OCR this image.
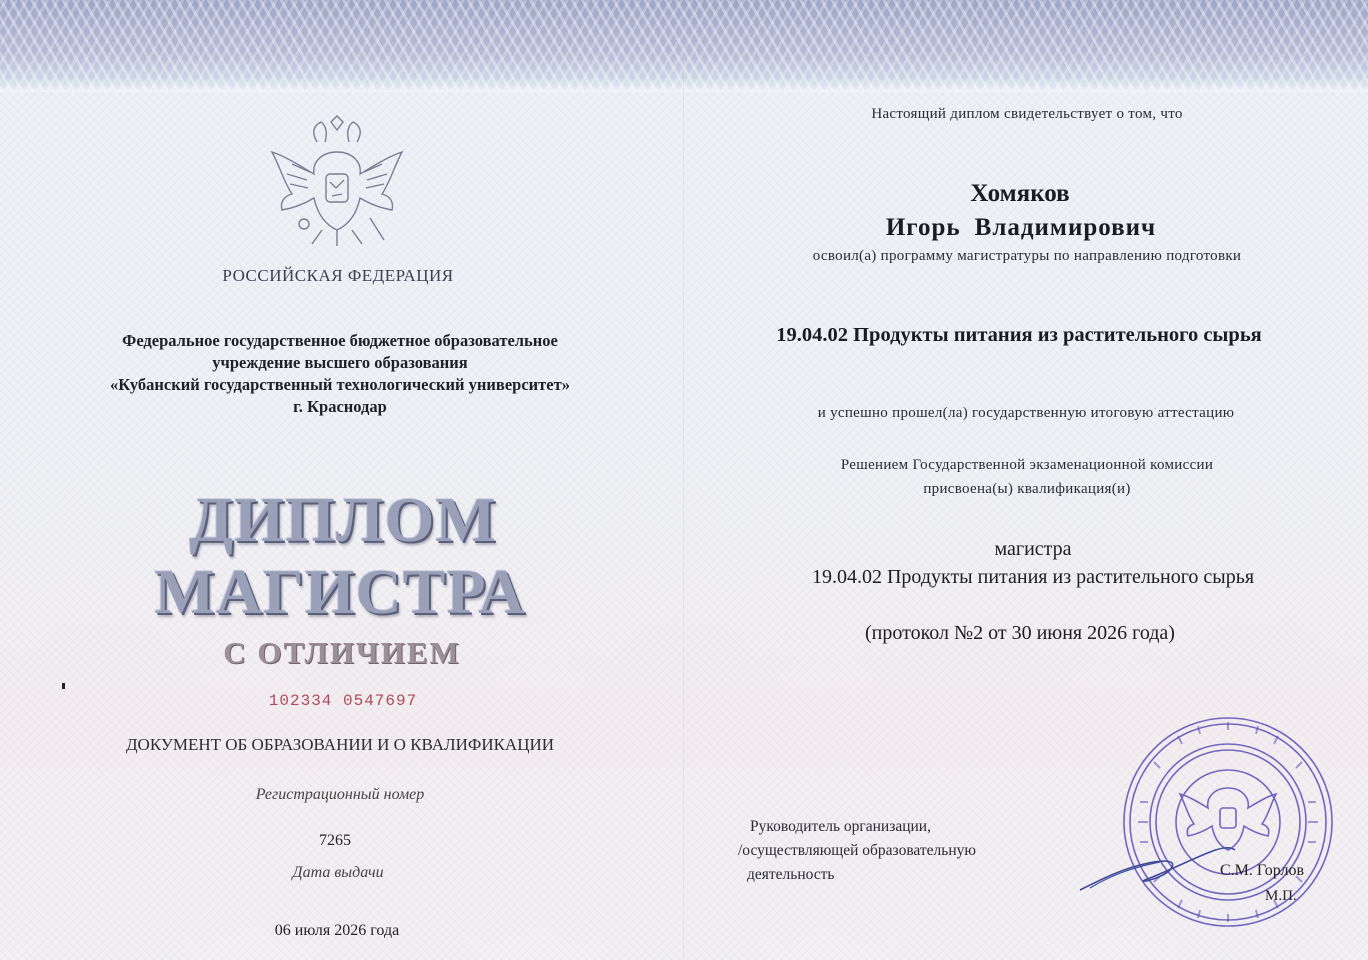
РОССИЙСКАЯ ФЕДЕРАЦИЯ
Федеральное государственное бюджетное образовательное
учреждение высшего образования
«Кубанский государственный технологический университет»
г. Краснодар
ДИПЛОМ
МАГИСТРА
С ОТЛИЧИЕМ
102334 0547697
ДОКУМЕНТ ОБ ОБРАЗОВАНИИ И О КВАЛИФИКАЦИИ
Регистрационный номер
7265
Дата выдачи
06 июля 2026 года
Настоящий диплом свидетельствует о том, что
Хомяков
Игорь Владимирович
освоил(а) программу магистратуры по направлению подготовки
19.04.02 Продукты питания из растительного сырья
и успешно прошел(ла) государственную итоговую аттестацию
Решением Государственной экзаменационной комиссии
присвоена(ы) квалификация(и)
магистра
19.04.02 Продукты питания из растительного сырья
(протокол №2 от 30 июня 2026 года)
Руководитель организации,
/осуществляющей образовательную
деятельность	С.М. Горлов
М.П.
